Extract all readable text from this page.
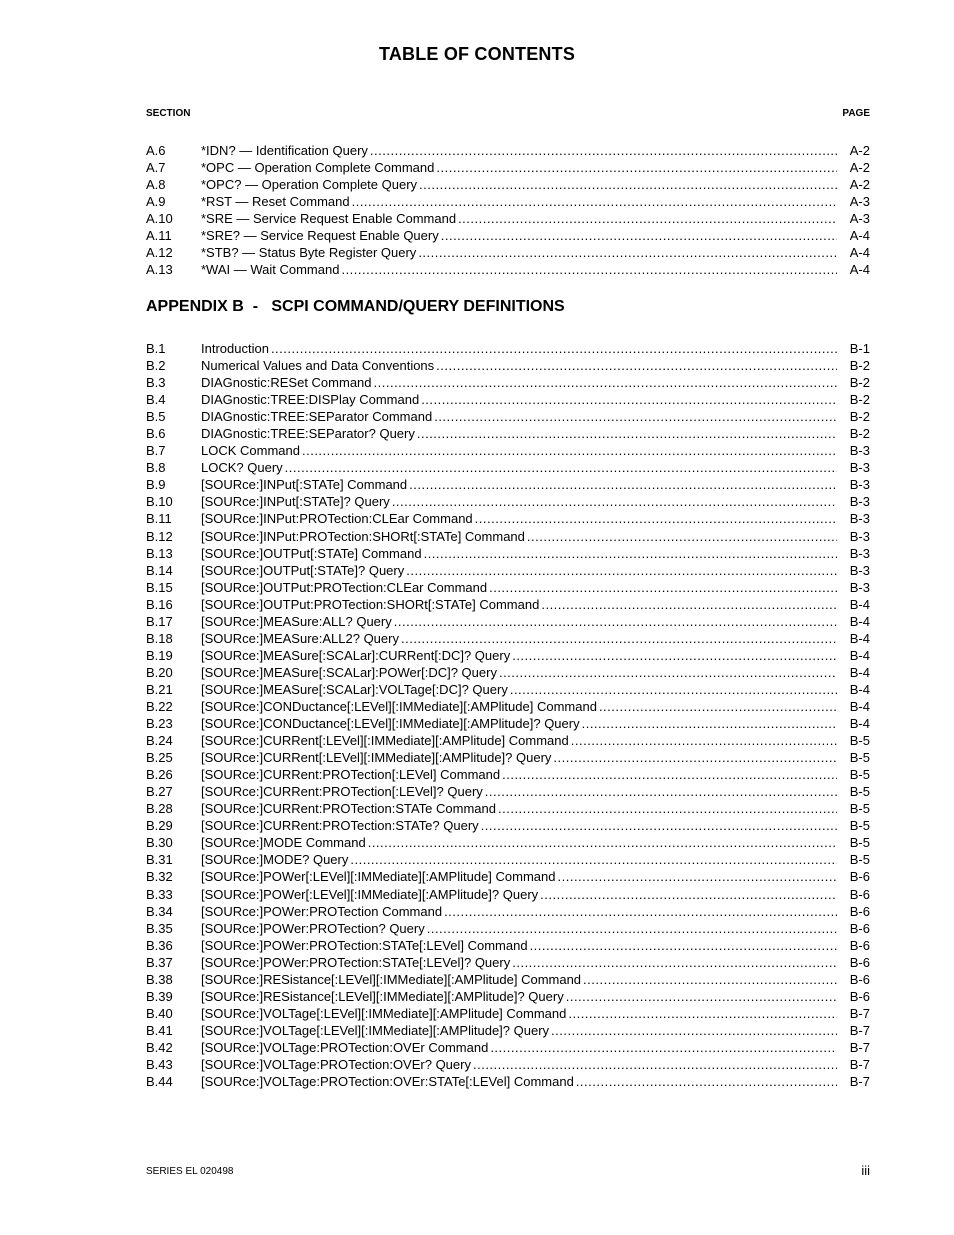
TABLE OF CONTENTS
SECTION	PAGE
A.6	*IDN? — Identification Query .....	A-2
A.7	*OPC — Operation Complete Command .....	A-2
A.8	*OPC? — Operation Complete Query .....	A-2
A.9	*RST — Reset Command .....	A-3
A.10	*SRE — Service Request Enable Command .....	A-3
A.11	*SRE? — Service Request Enable Query .....	A-4
A.12	*STB? — Status Byte Register Query .....	A-4
A.13	*WAI — Wait Command .....	A-4
APPENDIX B  -   SCPI COMMAND/QUERY DEFINITIONS
B.1	Introduction .....	B-1
B.2	Numerical Values and Data Conventions .....	B-2
B.3	DIAGnostic:RESet Command .....	B-2
B.4	DIAGnostic:TREE:DISPlay Command .....	B-2
B.5	DIAGnostic:TREE:SEParator Command .....	B-2
B.6	DIAGnostic:TREE:SEParator? Query .....	B-2
B.7	LOCK Command .....	B-3
B.8	LOCK? Query .....	B-3
B.9	[SOURce:]INPut[:STATe] Command .....	B-3
B.10	[SOURce:]INPut[:STATe]? Query .....	B-3
B.11	[SOURce:]INPut:PROTection:CLEar Command .....	B-3
B.12	[SOURce:]INPut:PROTection:SHORt[:STATe] Command .....	B-3
B.13	[SOURce:]OUTPut[:STATe] Command .....	B-3
B.14	[SOURce:]OUTPut[:STATe]? Query .....	B-3
B.15	[SOURce:]OUTPut:PROTection:CLEar Command .....	B-3
B.16	[SOURce:]OUTPut:PROTection:SHORt[:STATe] Command .....	B-4
B.17	[SOURce:]MEASure:ALL? Query .....	B-4
B.18	[SOURce:]MEASure:ALL2? Query .....	B-4
B.19	[SOURce:]MEASure[:SCALar]:CURRent[:DC]? Query .....	B-4
B.20	[SOURce:]MEASure[:SCALar]:POWer[:DC]? Query .....	B-4
B.21	[SOURce:]MEASure[:SCALar]:VOLTage[:DC]? Query .....	B-4
B.22	[SOURce:]CONDuctance[:LEVel][:IMMediate][:AMPlitude] Command .....	B-4
B.23	[SOURce:]CONDuctance[:LEVel][:IMMediate][:AMPlitude]? Query .....	B-4
B.24	[SOURce:]CURRent[:LEVel][:IMMediate][:AMPlitude] Command .....	B-5
B.25	[SOURce:]CURRent[:LEVel][:IMMediate][:AMPlitude]? Query .....	B-5
B.26	[SOURce:]CURRent:PROTection[:LEVel] Command .....	B-5
B.27	[SOURce:]CURRent:PROTection[:LEVel]? Query .....	B-5
B.28	[SOURce:]CURRent:PROTection:STATe Command .....	B-5
B.29	[SOURce:]CURRent:PROTection:STATe? Query .....	B-5
B.30	[SOURce:]MODE Command .....	B-5
B.31	[SOURce:]MODE? Query .....	B-5
B.32	[SOURce:]POWer[:LEVel][:IMMediate][:AMPlitude] Command .....	B-6
B.33	[SOURce:]POWer[:LEVel][:IMMediate][:AMPlitude]? Query .....	B-6
B.34	[SOURce:]POWer:PROTection Command .....	B-6
B.35	[SOURce:]POWer:PROTection? Query .....	B-6
B.36	[SOURce:]POWer:PROTection:STATe[:LEVel] Command .....	B-6
B.37	[SOURce:]POWer:PROTection:STATe[:LEVel]? Query .....	B-6
B.38	[SOURce:]RESistance[:LEVel][:IMMediate][:AMPlitude] Command .....	B-6
B.39	[SOURce:]RESistance[:LEVel][:IMMediate][:AMPlitude]? Query .....	B-6
B.40	[SOURce:]VOLTage[:LEVel][:IMMediate][:AMPlitude] Command .....	B-7
B.41	[SOURce:]VOLTage[:LEVel][:IMMediate][:AMPlitude]? Query .....	B-7
B.42	[SOURce:]VOLTage:PROTection:OVEr Command .....	B-7
B.43	[SOURce:]VOLTage:PROTection:OVEr? Query .....	B-7
B.44	[SOURce:]VOLTage:PROTection:OVEr:STATe[:LEVel] Command .....	B-7
SERIES EL 020498	iii
